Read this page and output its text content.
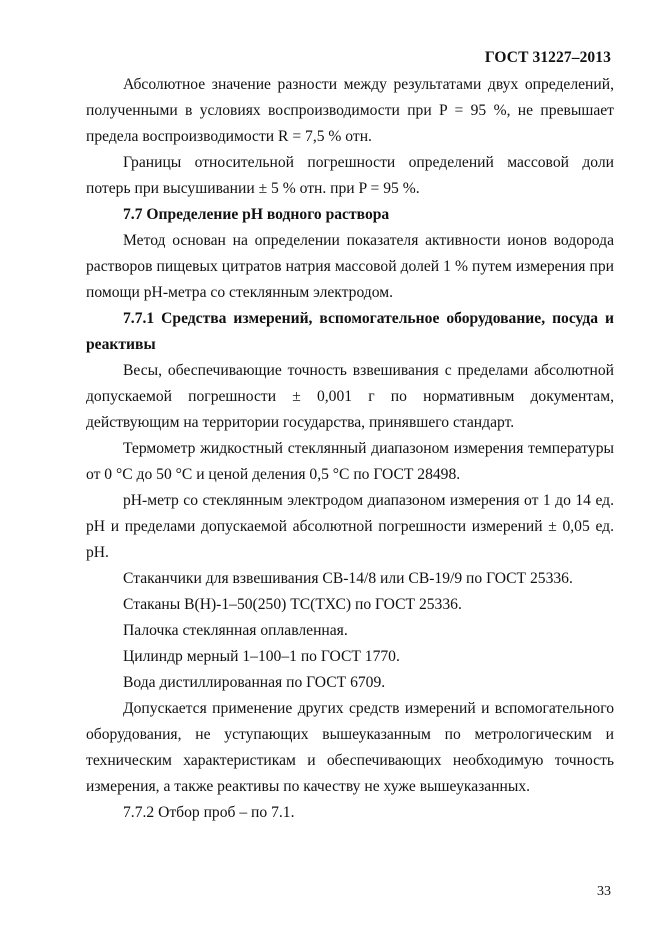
ГОСТ 31227–2013

Абсолютное значение разности между результатами двух определений, полученными в условиях воспроизводимости при P = 95 %, не превышает предела воспроизводимости R = 7,5 % отн.

Границы относительной погрешности определений массовой доли потерь при высушивании ± 5 % отн. при P = 95 %.

7.7 Определение pH водного раствора

Метод основан на определении показателя активности ионов водорода растворов пищевых цитратов натрия массовой долей 1 % путем измерения при помощи pH-метра со стеклянным электродом.

7.7.1 Средства измерений, вспомогательное оборудование, посуда и реактивы

Весы, обеспечивающие точность взвешивания с пределами абсолютной допускаемой погрешности ± 0,001 г по нормативным документам, действующим на территории государства, принявшего стандарт.

Термометр жидкостный стеклянный диапазоном измерения температуры от 0 °С до 50 °С и ценой деления 0,5 °С по ГОСТ 28498.

pH-метр со стеклянным электродом диапазоном измерения от 1 до 14 ед. pH и пределами допускаемой абсолютной погрешности измерений ± 0,05 ед. pH.

Стаканчики для взвешивания СВ-14/8 или СВ-19/9 по ГОСТ 25336.

Стаканы В(Н)-1–50(250) ТС(ТХС) по ГОСТ 25336.

Палочка стеклянная оплавленная.

Цилиндр мерный 1–100–1 по ГОСТ 1770.

Вода дистиллированная по ГОСТ 6709.

Допускается применение других средств измерений и вспомогательного оборудования, не уступающих вышеуказанным по метрологическим и техническим характеристикам и обеспечивающих необходимую точность измерения, а также реактивы по качеству не хуже вышеуказанных.

7.7.2 Отбор проб – по 7.1.

33
